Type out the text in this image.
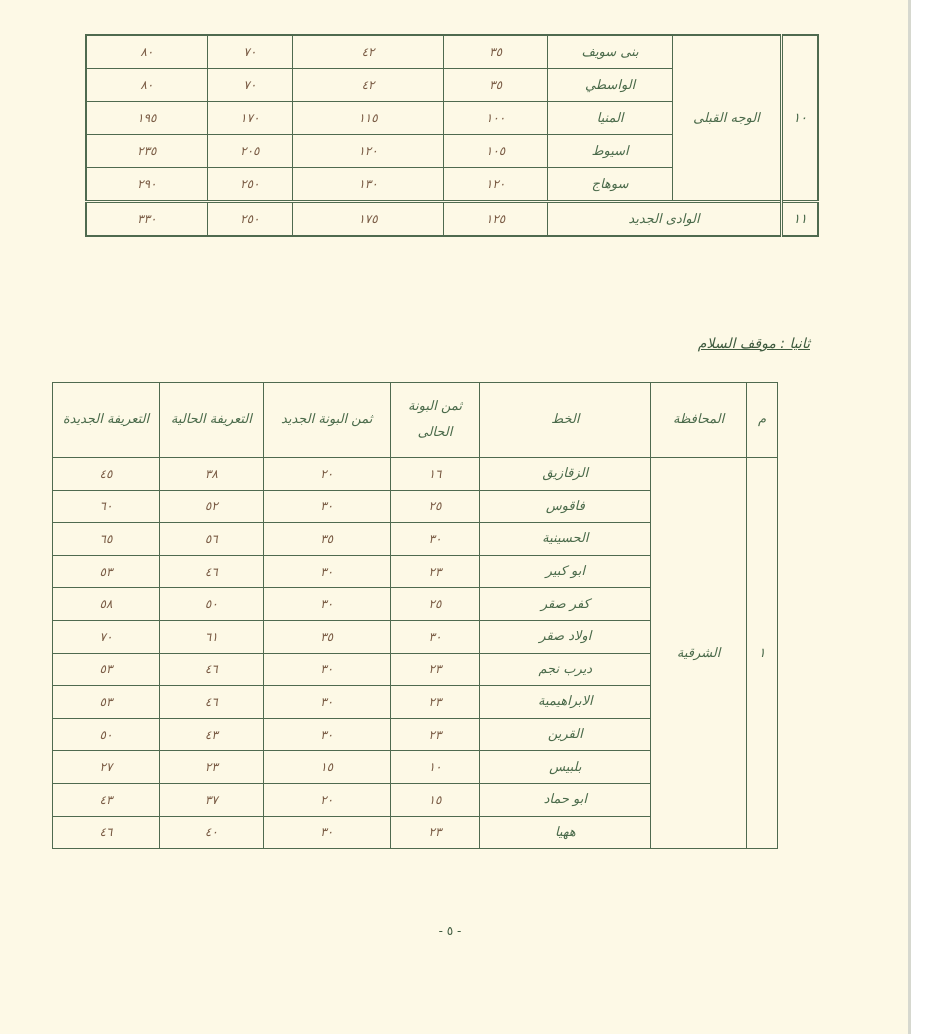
١٠	الوجه القبلى	بنى سويف	٣٥	٤٢	٧٠	٨٠
		الواسطي	٣٥	٤٢	٧٠	٨٠
		المنيا	١٠٠	١١٥	١٧٠	١٩٥
		اسيوط	١٠٥	١٢٠	٢٠٥	٢٣٥
		سوهاج	١٢٠	١٣٠	٢٥٠	٢٩٠
١١	الوادى الجديد		١٢٥	١٧٥	٢٥٠	٣٣٠
ثانيا : موقف السلام
م	المحافظة	الخط	ثمن البونة الحالى	ثمن البونة الجديد	التعريفة الحالية	التعريفة الجديدة
١	الشرقية	الزقازيق	١٦	٢٠	٣٨	٤٥
		فاقوس	٢٥	٣٠	٥٢	٦٠
		الحسينية	٣٠	٣٥	٥٦	٦٥
		ابو كبير	٢٣	٣٠	٤٦	٥٣
		كفر صقر	٢٥	٣٠	٥٠	٥٨
		اولاد صقر	٣٠	٣٥	٦١	٧٠
		ديرب نجم	٢٣	٣٠	٤٦	٥٣
		الابراهيمية	٢٣	٣٠	٤٦	٥٣
		القرين	٢٣	٣٠	٤٣	٥٠
		بلبيس	١٠	١٥	٢٣	٢٧
		ابو حماد	١٥	٢٠	٣٧	٤٣
		ههيا	٢٣	٣٠	٤٠	٤٦
- ٥ -
